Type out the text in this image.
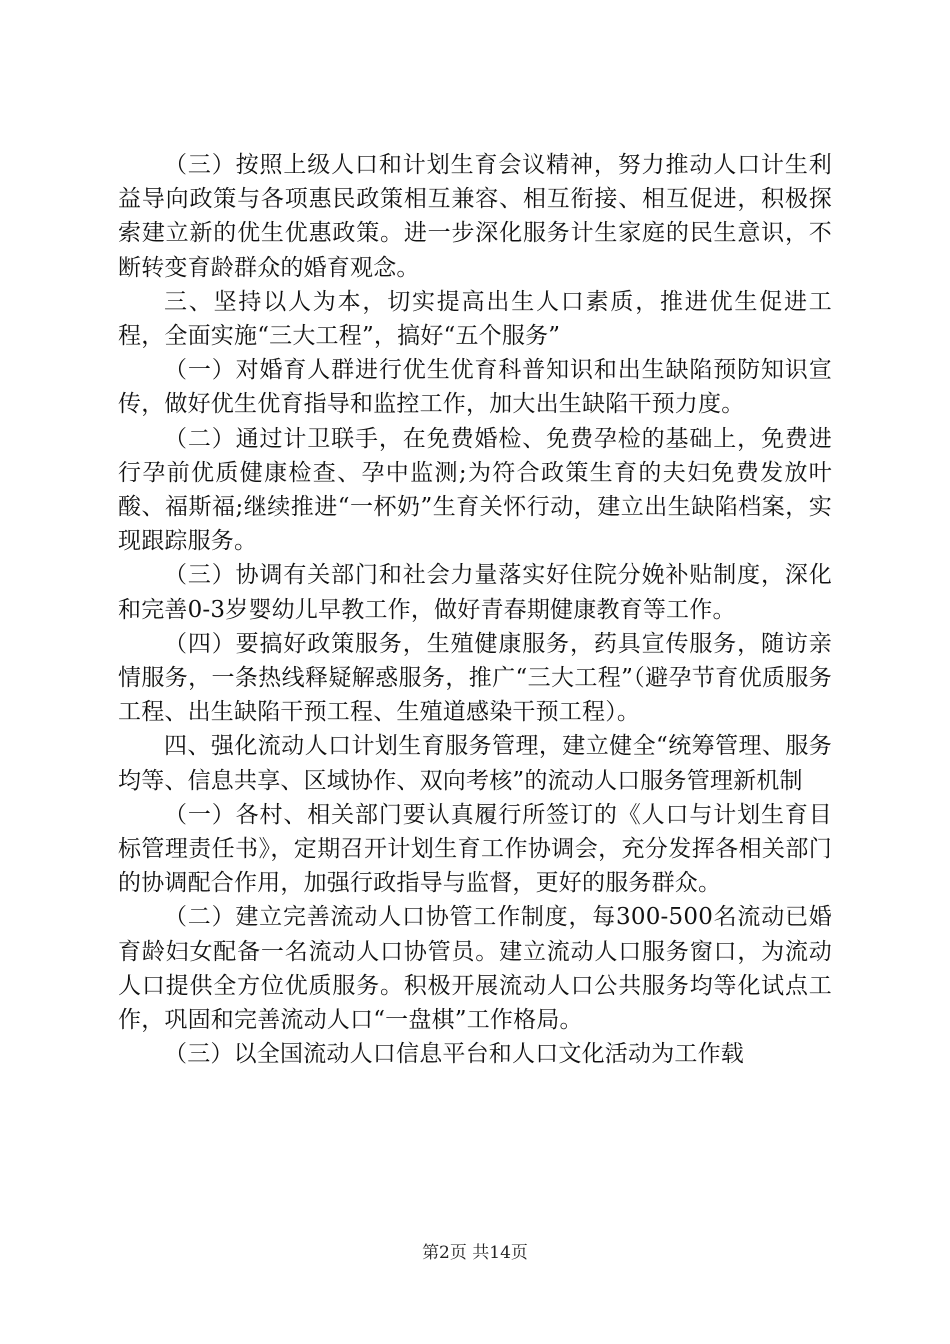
（三）按照上级人口和计划生育会议精神，努力推动人口计生利益导向政策与各项惠民政策相互兼容、相互衔接、相互促进，积极探索建立新的优生优惠政策。进一步深化服务计生家庭的民生意识，不断转变育龄群众的婚育观念。

三、坚持以人为本，切实提高出生人口素质，推进优生促进工程，全面实施“三大工程”，搞好“五个服务”

（一）对婚育人群进行优生优育科普知识和出生缺陷预防知识宣传，做好优生优育指导和监控工作，加大出生缺陷干预力度。

（二）通过计卫联手，在免费婚检、免费孕检的基础上，免费进行孕前优质健康检查、孕中监测;为符合政策生育的夫妇免费发放叶酸、福斯福;继续推进“一杯奶”生育关怀行动，建立出生缺陷档案，实现跟踪服务。

（三）协调有关部门和社会力量落实好住院分娩补贴制度，深化和完善0-3岁婴幼儿早教工作，做好青春期健康教育等工作。

（四）要搞好政策服务，生殖健康服务，药具宣传服务，随访亲情服务，一条热线释疑解惑服务，推广“三大工程”（避孕节育优质服务工程、出生缺陷干预工程、生殖道感染干预工程）。

四、强化流动人口计划生育服务管理，建立健全“统筹管理、服务均等、信息共享、区域协作、双向考核”的流动人口服务管理新机制

（一）各村、相关部门要认真履行所签订的《人口与计划生育目标管理责任书》，定期召开计划生育工作协调会，充分发挥各相关部门的协调配合作用，加强行政指导与监督，更好的服务群众。

（二）建立完善流动人口协管工作制度，每300-500名流动已婚育龄妇女配备一名流动人口协管员。建立流动人口服务窗口，为流动人口提供全方位优质服务。积极开展流动人口公共服务均等化试点工作，巩固和完善流动人口“一盘棋”工作格局。

（三）以全国流动人口信息平台和人口文化活动为工作载

第2页 共14页
